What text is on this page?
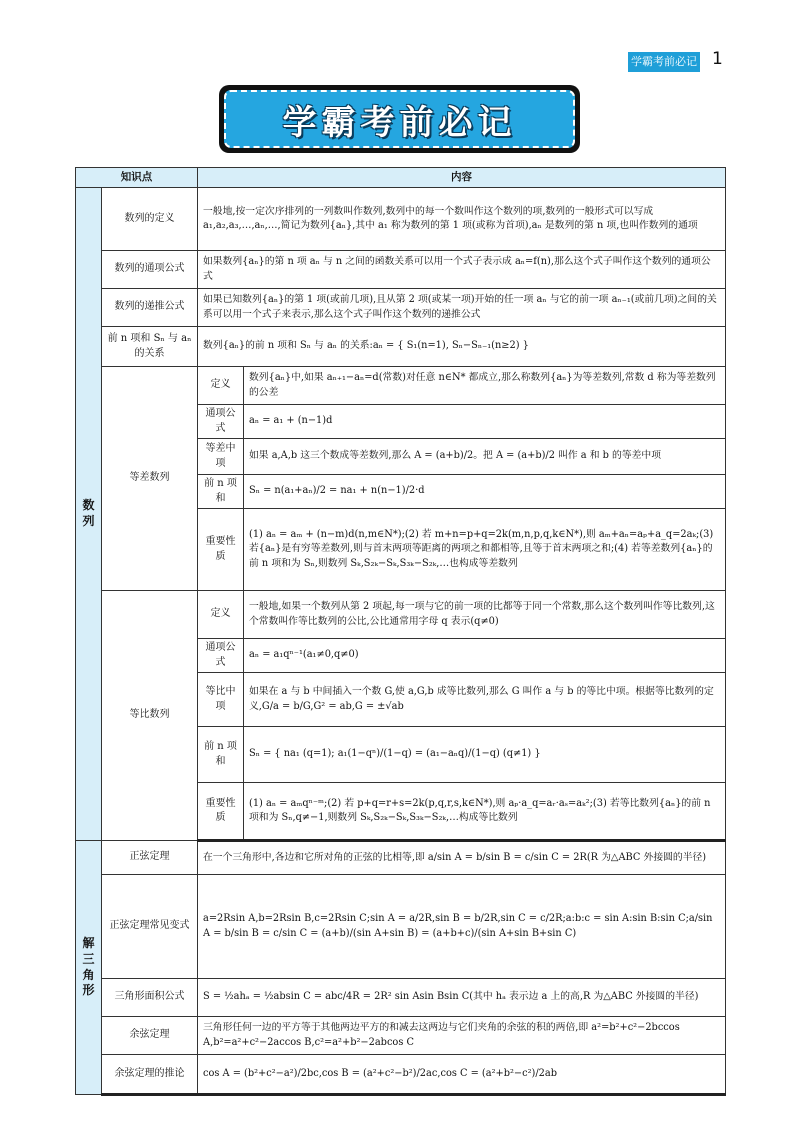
学霸考前必记 1
学霸考前必记
知识点		内容	
数列	数列的定义	一般地,按一定次序排列的一列数叫作数列,数列中的每一个数叫作这个数列的项,数列的一般形式可以写成 a₁,a₂,a₃,…,aₙ,…,简记为数列{aₙ},其中 a₁ 称为数列的第 1 项(或称为首项),aₙ 是数列的第 n 项,也叫作数列的通项	
	数列的通项公式	如果数列{aₙ}的第 n 项 aₙ 与 n 之间的函数关系可以用一个式子表示成 aₙ=f(n),那么这个式子叫作这个数列的通项公式	
	数列的递推公式	如果已知数列{aₙ}的第 1 项(或前几项),且从第 2 项(或某一项)开始的任一项 aₙ 与它的前一项 aₙ₋₁(或前几项)之间的关系可以用一个式子来表示,那么这个式子叫作这个数列的递推公式	
	前 n 项和 Sₙ 与 aₙ 的关系	数列{aₙ}的前 n 项和 Sₙ 与 aₙ 的关系:aₙ = { S₁(n=1), Sₙ−Sₙ₋₁(n≥2) }	
	等差数列	定义	数列{aₙ}中,如果 aₙ₊₁−aₙ=d(常数)对任意 n∈N* 都成立,那么称数列{aₙ}为等差数列,常数 d 称为等差数列的公差
		通项公式	aₙ = a₁ + (n−1)d
		等差中项	如果 a,A,b 这三个数成等差数列,那么 A = (a+b)/2。把 A = (a+b)/2 叫作 a 和 b 的等差中项
		前 n 项和	Sₙ = n(a₁+aₙ)/2 = na₁ + n(n−1)/2·d
		重要性质	(1) aₙ = aₘ + (n−m)d(n,m∈N*);(2) 若 m+n=p+q=2k(m,n,p,q,k∈N*),则 aₘ+aₙ=aₚ+a_q=2aₖ;(3) 若{aₙ}是有穷等差数列,则与首末两项等距离的两项之和都相等,且等于首末两项之和;(4) 若等差数列{aₙ}的前 n 项和为 Sₙ,则数列 Sₖ,S₂ₖ−Sₖ,S₃ₖ−S₂ₖ,…也构成等差数列
	等比数列	定义	一般地,如果一个数列从第 2 项起,每一项与它的前一项的比都等于同一个常数,那么这个数列叫作等比数列,这个常数叫作等比数列的公比,公比通常用字母 q 表示(q≠0)
		通项公式	aₙ = a₁qⁿ⁻¹(a₁≠0,q≠0)
		等比中项	如果在 a 与 b 中间插入一个数 G,使 a,G,b 成等比数列,那么 G 叫作 a 与 b 的等比中项。根据等比数列的定义,G/a = b/G,G² = ab,G = ±√ab
		前 n 项和	Sₙ = { na₁ (q=1); a₁(1−qⁿ)/(1−q) = (a₁−aₙq)/(1−q) (q≠1) }
		重要性质	(1) aₙ = aₘqⁿ⁻ᵐ;(2) 若 p+q=r+s=2k(p,q,r,s,k∈N*),则 aₚ·a_q=aᵣ·aₛ=aₖ²;(3) 若等比数列{aₙ}的前 n 项和为 Sₙ,q≠−1,则数列 Sₖ,S₂ₖ−Sₖ,S₃ₖ−S₂ₖ,…构成等比数列
解三角形	正弦定理	在一个三角形中,各边和它所对角的正弦的比相等,即 a/sin A = b/sin B = c/sin C = 2R(R 为△ABC 外接圆的半径)	
	正弦定理常见变式	a=2Rsin A,b=2Rsin B,c=2Rsin C;sin A = a/2R,sin B = b/2R,sin C = c/2R;a:b:c = sin A:sin B:sin C;a/sin A = b/sin B = c/sin C = (a+b)/(sin A+sin B) = (a+b+c)/(sin A+sin B+sin C)	
	三角形面积公式	S = ½ahₐ = ½absin C = abc/4R = 2R² sin Asin Bsin C(其中 hₐ 表示边 a 上的高,R 为△ABC 外接圆的半径)	
	余弦定理	三角形任何一边的平方等于其他两边平方的和减去这两边与它们夹角的余弦的积的两倍,即 a²=b²+c²−2bccos A,b²=a²+c²−2accos B,c²=a²+b²−2abcos C	
	余弦定理的推论	cos A = (b²+c²−a²)/2bc,cos B = (a²+c²−b²)/2ac,cos C = (a²+b²−c²)/2ab	
